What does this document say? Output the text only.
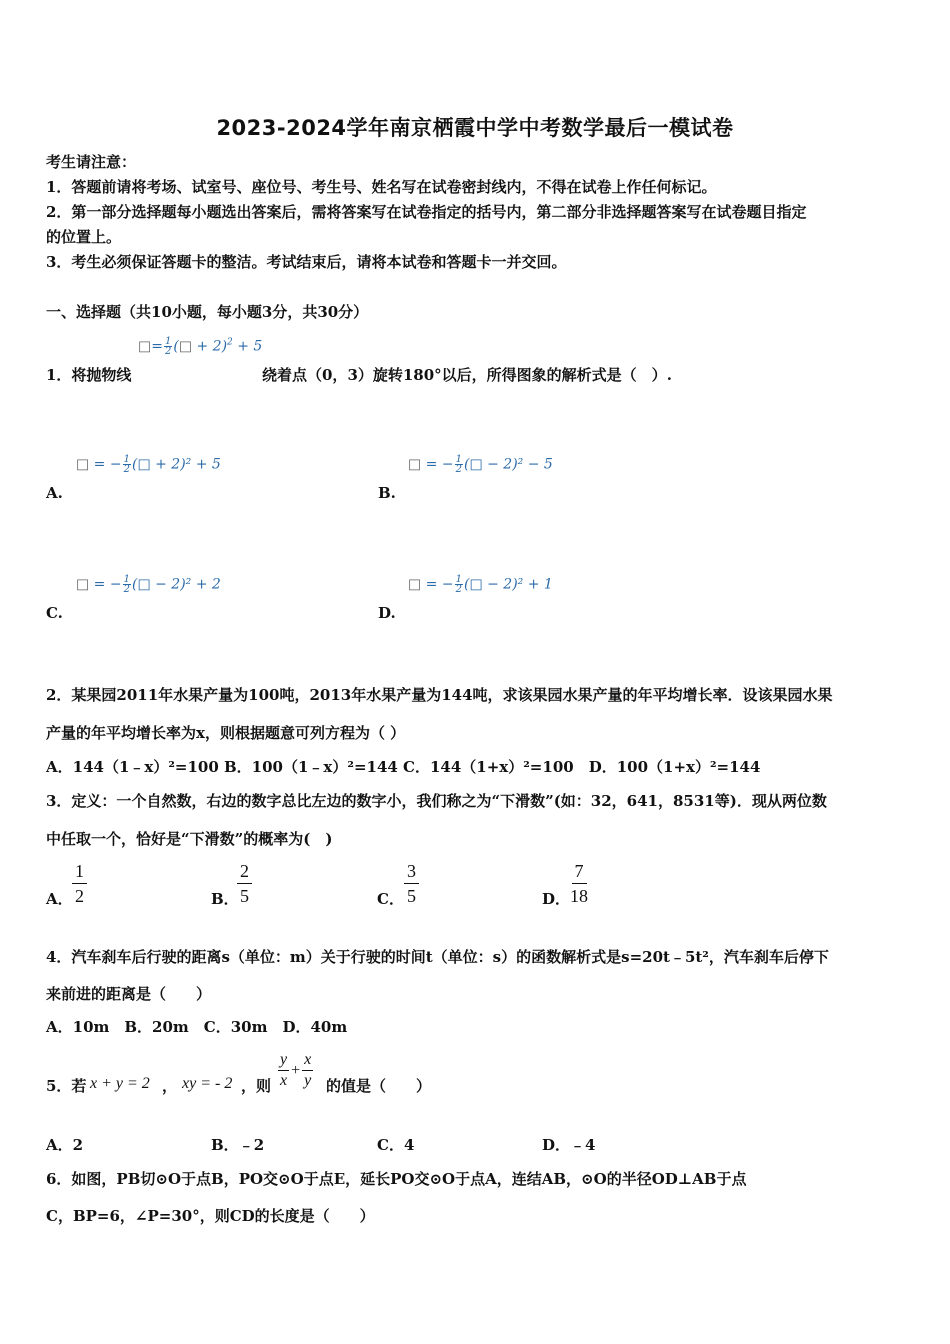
2023-2024学年南京栖霞中学中考数学最后一模试卷
考生请注意：
1．答题前请将考场、试室号、座位号、考生号、姓名写在试卷密封线内，不得在试卷上作任何标记。
2．第一部分选择题每小题选出答案后，需将答案写在试卷指定的括号内，第二部分非选择题答案写在试卷题目指定
的位置上。
3．考生必须保证答题卡的整洁。考试结束后，请将本试卷和答题卡一并交回。
一、选择题（共10小题，每小题3分，共30分）
□= $\frac{1}{2}$ (□ + 2)$^2$ + 5
1．将抛物线	绕着点（0，3）旋转180°以后，所得图象的解析式是（　）.
□ = − $\frac{1}{2}$ (□ + 2)² + 5
A.
□ = − $\frac{1}{2}$ (□ − 2)² − 5
B.
□ = − $\frac{1}{2}$ (□ − 2)² + 2
C.
□ = − $\frac{1}{2}$ (□ − 2)² + 1
D.
2．某果园2011年水果产量为100吨，2013年水果产量为144吨，求该果园水果产量的年平均增长率．设该果园水果
产量的年平均增长率为x，则根据题意可列方程为（ ）
A．144（1﹣x）²=100 B．100（1﹣x）²=144 C．144（1+x）²=100　D．100（1+x）²=144
3．定义：一个自然数，右边的数字总比左边的数字小，我们称之为“下滑数”(如：32，641，8531等)．现从两位数
中任取一个，恰好是“下滑数”的概率为(　)
A．
1
2	B．
2
5	C．
3
5	D．
7
18
4．汽车刹车后行驶的距离s（单位：m）关于行驶的时间t（单位：s）的函数解析式是s=20t﹣5t²，汽车刹车后停下
来前进的距离是（　　）
A．10m　B．20m　C．30m　D．40m
5．若 x + y = 2 ， xy = - 2 ，则
y
x
+ $\frac{x}{y}$ 的值是（　　）
A．2	B．﹣2	C．4	D．﹣4
6．如图，PB切⊙O于点B，PO交⊙O于点E，延长PO交⊙O于点A，连结AB，⊙O的半径OD⊥AB于点
C，BP=6，∠P=30°，则CD的长度是（　　）
